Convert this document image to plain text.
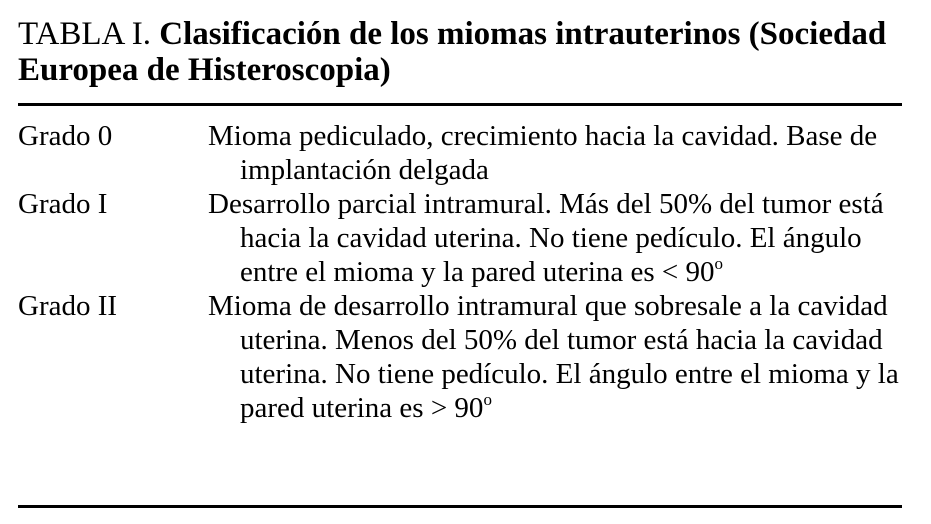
TABLA I. Clasificación de los miomas intrauterinos (Sociedad Europea de Histeroscopia)
Grado 0	Mioma pediculado, crecimiento hacia la cavidad. Base de implantación delgada
Grado I	Desarrollo parcial intramural. Más del 50% del tumor está hacia la cavidad uterina. No tiene pedículo. El ángulo entre el mioma y la pared uterina es < $90^o$
Grado II	Mioma de desarrollo intramural que sobresale a la cavidad uterina. Menos del 50% del tumor está hacia la cavidad uterina. No tiene pedículo. El ángulo entre el mioma y la pared uterina es > $90^o$
